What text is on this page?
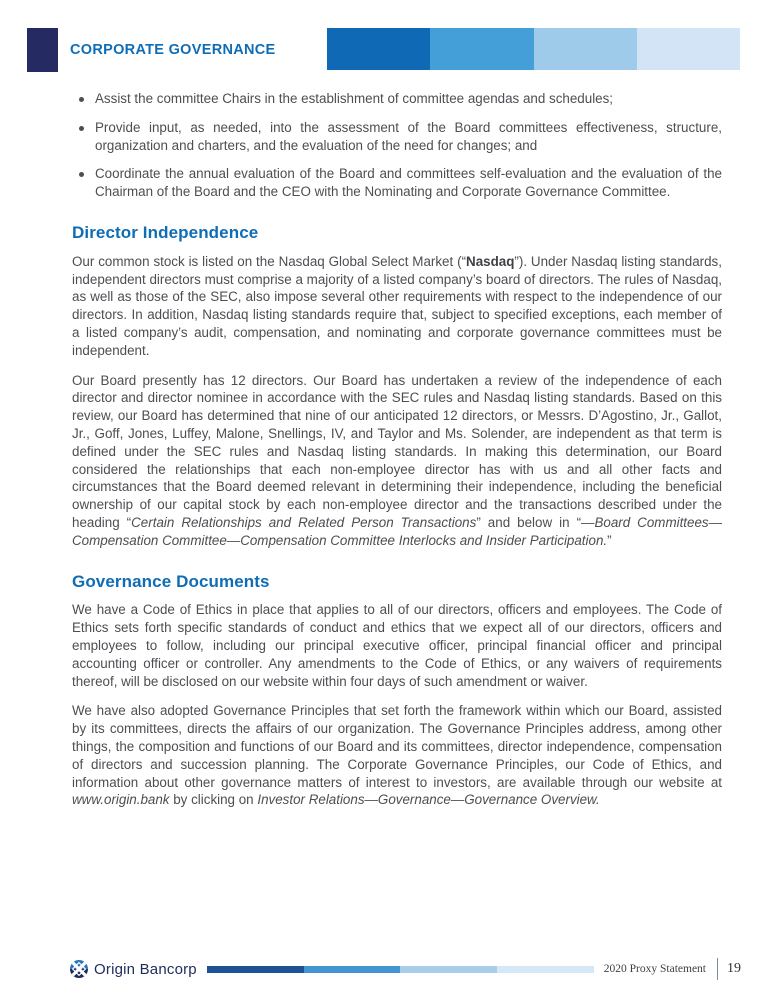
CORPORATE GOVERNANCE
Assist the committee Chairs in the establishment of committee agendas and schedules;
Provide input, as needed, into the assessment of the Board committees effectiveness, structure, organization and charters, and the evaluation of the need for changes; and
Coordinate the annual evaluation of the Board and committees self-evaluation and the evaluation of the Chairman of the Board and the CEO with the Nominating and Corporate Governance Committee.
Director Independence

Our common stock is listed on the Nasdaq Global Select Market (“Nasdaq”). Under Nasdaq listing standards, independent directors must comprise a majority of a listed company’s board of directors. The rules of Nasdaq, as well as those of the SEC, also impose several other requirements with respect to the independence of our directors. In addition, Nasdaq listing standards require that, subject to specified exceptions, each member of a listed company’s audit, compensation, and nominating and corporate governance committees must be independent.

Our Board presently has 12 directors. Our Board has undertaken a review of the independence of each director and director nominee in accordance with the SEC rules and Nasdaq listing standards. Based on this review, our Board has determined that nine of our anticipated 12 directors, or Messrs. D’Agostino, Jr., Gallot, Jr., Goff, Jones, Luffey, Malone, Snellings, IV, and Taylor and Ms. Solender, are independent as that term is defined under the SEC rules and Nasdaq listing standards. In making this determination, our Board considered the relationships that each non-employee director has with us and all other facts and circumstances that the Board deemed relevant in determining their independence, including the beneficial ownership of our capital stock by each non-employee director and the transactions described under the heading “Certain Relationships and Related Person Transactions” and below in “—Board Committees—Compensation Committee—Compensation Committee Interlocks and Insider Participation.”

Governance Documents

We have a Code of Ethics in place that applies to all of our directors, officers and employees. The Code of Ethics sets forth specific standards of conduct and ethics that we expect all of our directors, officers and employees to follow, including our principal executive officer, principal financial officer and principal accounting officer or controller. Any amendments to the Code of Ethics, or any waivers of requirements thereof, will be disclosed on our website within four days of such amendment or waiver.

We have also adopted Governance Principles that set forth the framework within which our Board, assisted by its committees, directs the affairs of our organization. The Governance Principles address, among other things, the composition and functions of our Board and its committees, director independence, compensation of directors and succession planning. The Corporate Governance Principles, our Code of Ethics, and information about other governance matters of interest to investors, are available through our website at www.origin.bank by clicking on Investor Relations—Governance—Governance Overview.

Origin Bancorp	2020 Proxy Statement 19
